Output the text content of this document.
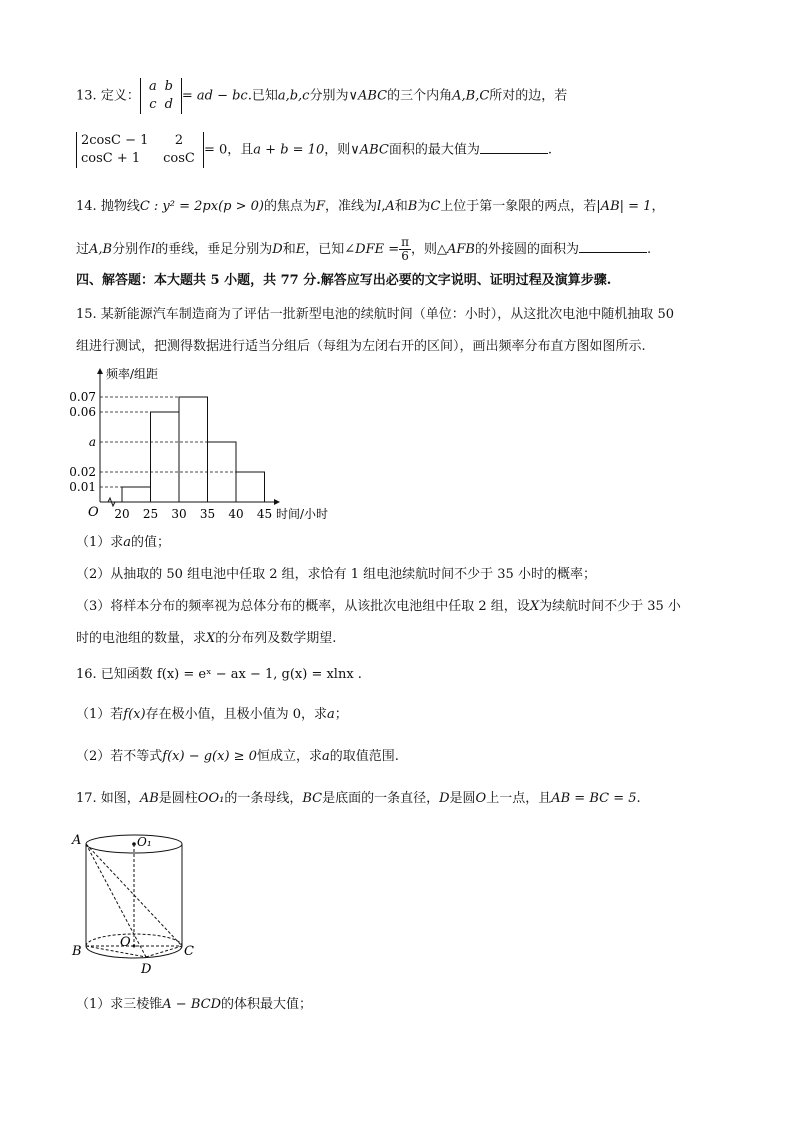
13. 定义：
a b
c d
= ad − bc.已知a,b,c分别为∨ABC的三个内角A,B,C所对的边，若
2cosC − 1 2
cosC + 1 cosC
= 0，且a + b = 10，则∨ABC面积的最大值为	.
14. 抛物线C : y² = 2px(p > 0)的焦点为F，准线为l,A和B为C上位于第一象限的两点，若|AB| = 1，
过A,B分别作l的垂线，垂足分别为D和E，已知∠DFE = $\frac{\pi}{6}$ ，则△AFB的外接圆的面积为	.
四、解答题：本大题共 5 小题，共 77 分.解答应写出必要的文字说明、证明过程及演算步骤.
15. 某新能源汽车制造商为了评估一批新型电池的续航时间（单位：小时），从这批次电池中随机抽取 50
组进行测试，把测得数据进行适当分组后（每组为左闭右开的区间），画出频率分布直方图如图所示.
0.07
0.06
a
0.02
0.01
20 25 30 35 40 45
频率/组距
时间/小时
O
（1）求a的值；
（2）从抽取的 50 组电池中任取 2 组，求恰有 1 组电池续航时间不少于 35 小时的概率；
（3）将样本分布的频率视为总体分布的概率，从该批次电池组中任取 2 组，设X为续航时间不少于 35 小
时的电池组的数量，求X的分布列及数学期望.
16. 已知函数 f(x) = eˣ − ax − 1, g(x) = xlnx .
（1）若f(x)存在极小值，且极小值为 0，求a；
（2）若不等式f(x) − g(x) ≥ 0恒成立，求a的取值范围.
17. 如图，AB是圆柱OO₁的一条母线，BC是底面的一条直径，D是圆O上一点，且AB = BC = 5.
A	O₁
B
O
C
D
（1）求三棱锥A − BCD的体积最大值；
